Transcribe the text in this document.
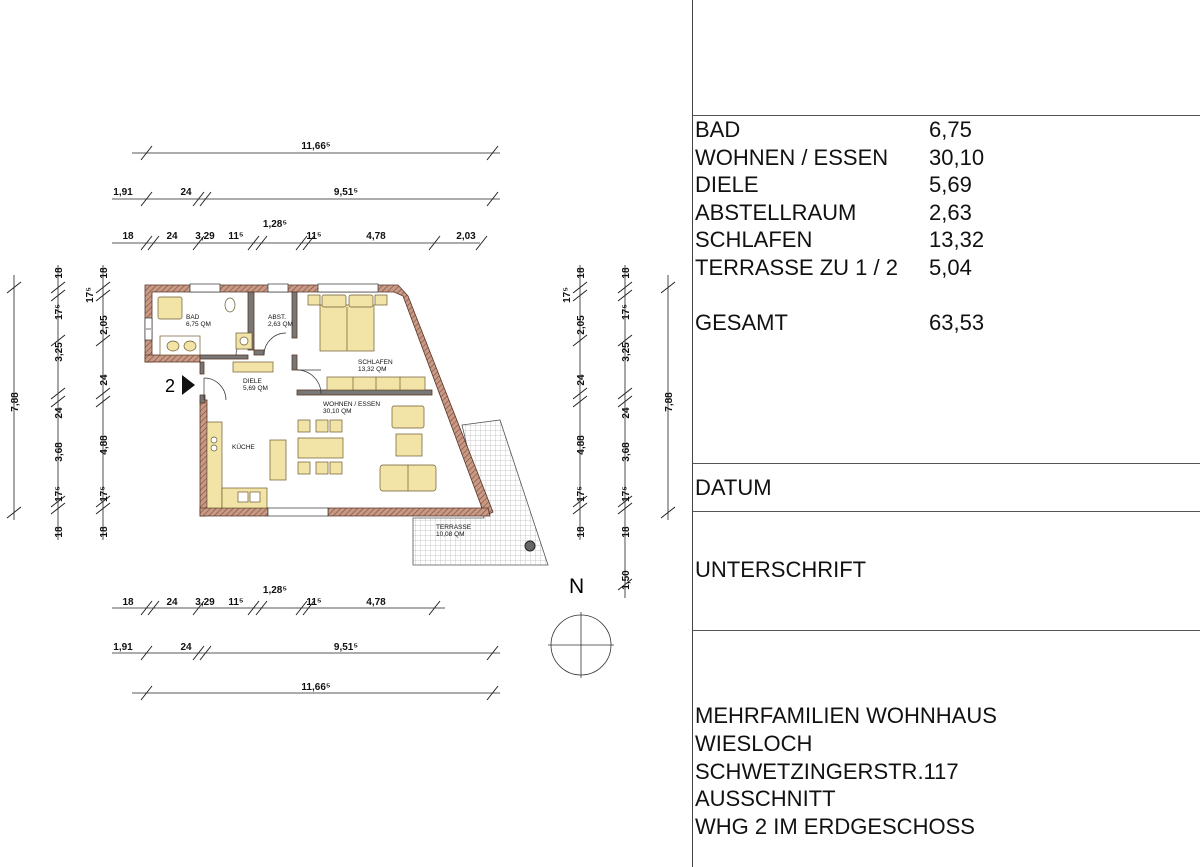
11,66⁵
1,91	24	9,51⁵
18	24 3,29 11⁵
1,28⁵
11⁵	4,78	2,03
18	24 3,29 11⁵
1,28⁵
11⁵	4,78
1,91	24	9,51⁵
11,66⁵
7,88
18
17⁵
3,25
24
3,68
17⁵
18
18
17⁵
2,05
24
4,88
17⁵
18
18
17⁵
2,05
24
4,88
17⁵
18
18
17⁵
3,25
24
3,68
17⁵
18
1,50
7,88
BAD
6,75 QM
ABST.
2,63 QM
SCHLAFEN
13,32 QM
DIELE
5,69 QM
WOHNEN / ESSEN
30,10 QM
KÜCHE
TERRASSE
10,08 QM
2
N
BAD	6,75
WOHNEN / ESSEN	30,10
DIELE	5,69
ABSTELLRAUM	2,63
SCHLAFEN	13,32
TERRASSE ZU 1 / 2	5,04
GESAMT	63,53
DATUM
UNTERSCHRIFT
MEHRFAMILIEN WOHNHAUS
WIESLOCH
SCHWETZINGERSTR.117
AUSSCHNITT
WHG 2 IM ERDGESCHOSS
